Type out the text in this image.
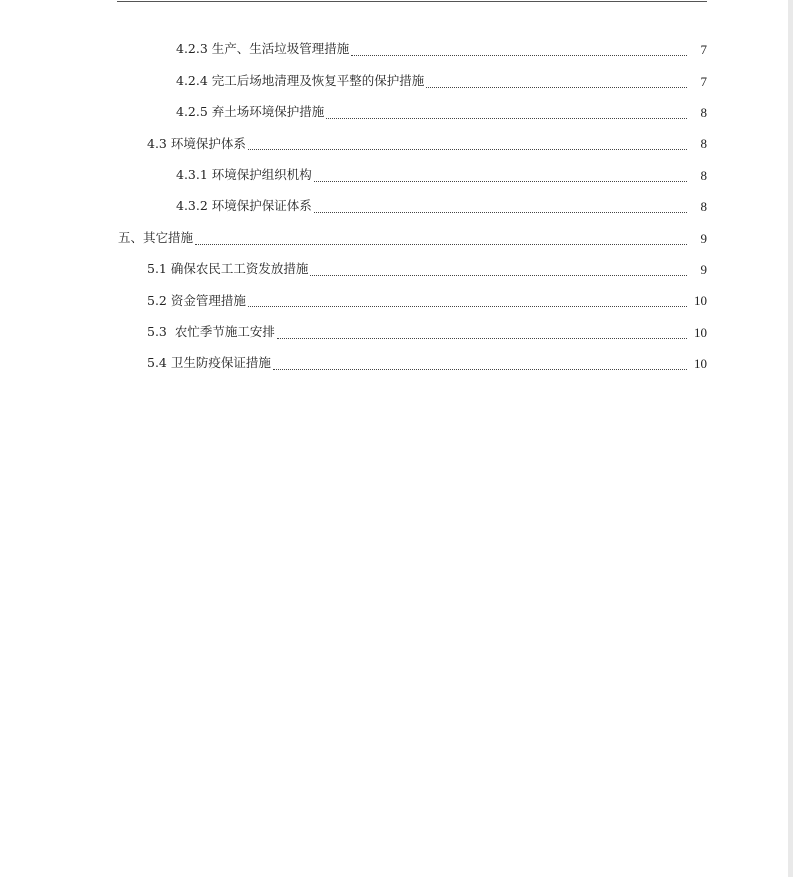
4.2.3 生产、生活垃圾管理措施	7
4.2.4 完工后场地清理及恢复平整的保护措施	7
4.2.5 弃土场环境保护措施	8
4.3 环境保护体系	8
4.3.1 环境保护组织机构	8
4.3.2 环境保护保证体系	8
五、其它措施	9
5.1 确保农民工工资发放措施	9
5.2 资金管理措施	10
5.3  农忙季节施工安排	10
5.4 卫生防疫保证措施	10
